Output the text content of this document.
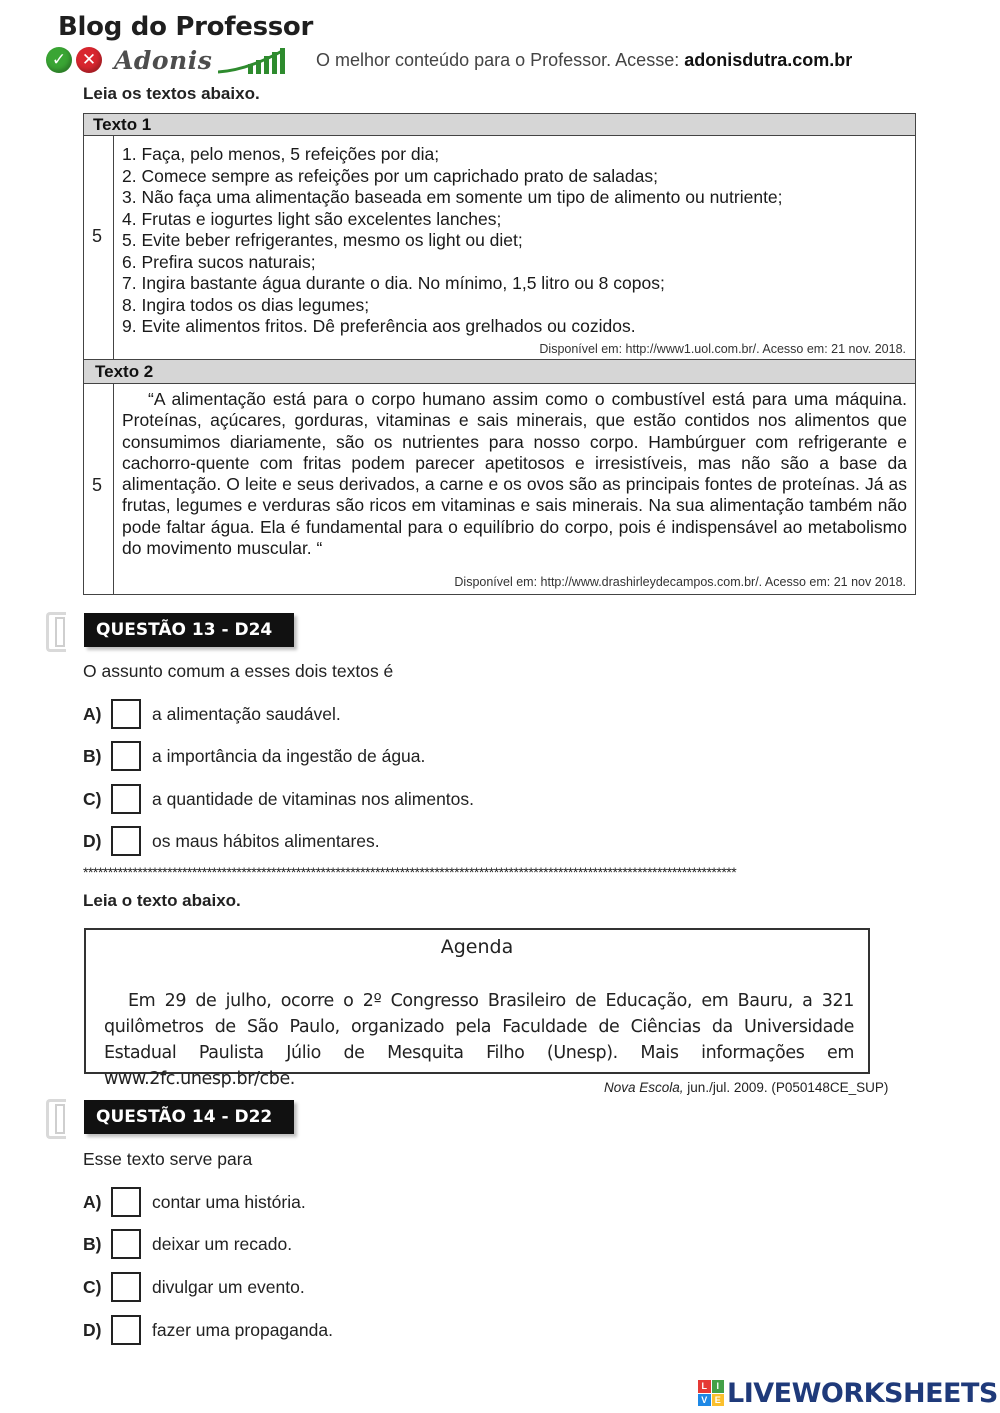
Blog do Professor
✓ ✕ Adonis	O melhor conteúdo para o Professor. Acesse: adonisdutra.com.br
Leia os textos abaixo.
Texto 1
5
1. Faça, pelo menos, 5 refeições por dia;
2. Comece sempre as refeições por um caprichado prato de saladas;
3. Não faça uma alimentação baseada em somente um tipo de alimento ou nutriente;
4. Frutas e iogurtes light são excelentes lanches;
5. Evite beber refrigerantes, mesmo os light ou diet;
6. Prefira sucos naturais;
7. Ingira bastante água durante o dia. No mínimo, 1,5 litro ou 8 copos;
8. Ingira todos os dias legumes;
9. Evite alimentos fritos. Dê preferência aos grelhados ou cozidos.
Disponível em: http://www1.uol.com.br/. Acesso em: 21 nov. 2018.
Texto 2
5
“A alimentação está para o corpo humano assim como o combustível está para uma máquina. Proteínas, açúcares, gorduras, vitaminas e sais minerais, que estão contidos nos alimentos que consumimos diariamente, são os nutrientes para nosso corpo. Hambúrguer com refrigerante e cachorro-quente com fritas podem parecer apetitosos e irresistíveis, mas não são a base da alimentação. O leite e seus derivados, a carne e os ovos são as principais fontes de proteínas. Já as frutas, legumes e verduras são ricos em vitaminas e sais minerais. Na sua alimentação também não pode faltar água. Ela é fundamental para o equilíbrio do corpo, pois é indispensável ao metabolismo do movimento muscular. “
Disponível em: http://www.drashirleydecampos.com.br/. Acesso em: 21 nov 2018.
QUESTÃO 13 - D24
O assunto comum a esses dois textos é
A)	a alimentação saudável.
B)	a importância da ingestão de água.
C)	a quantidade de vitaminas nos alimentos.
D)	os maus hábitos alimentares.
************************************************************************************************************************************
Leia o texto abaixo.
Agenda
Em 29 de julho, ocorre o 2º Congresso Brasileiro de Educação, em Bauru, a 321 quilômetros de São Paulo, organizado pela Faculdade de Ciências da Universidade Estadual Paulista Júlio de Mesquita Filho (Unesp). Mais informações em www.2fc.unesp.br/cbe.	Nova Escola, jun./jul. 2009. (P050148CE_SUP)
QUESTÃO 14 - D22
Esse texto serve para
A)	contar uma história.
B)	deixar um recado.
C)	divulgar um evento.
D)	fazer uma propaganda.
L	I
V E LIVEWORKSHEETS
